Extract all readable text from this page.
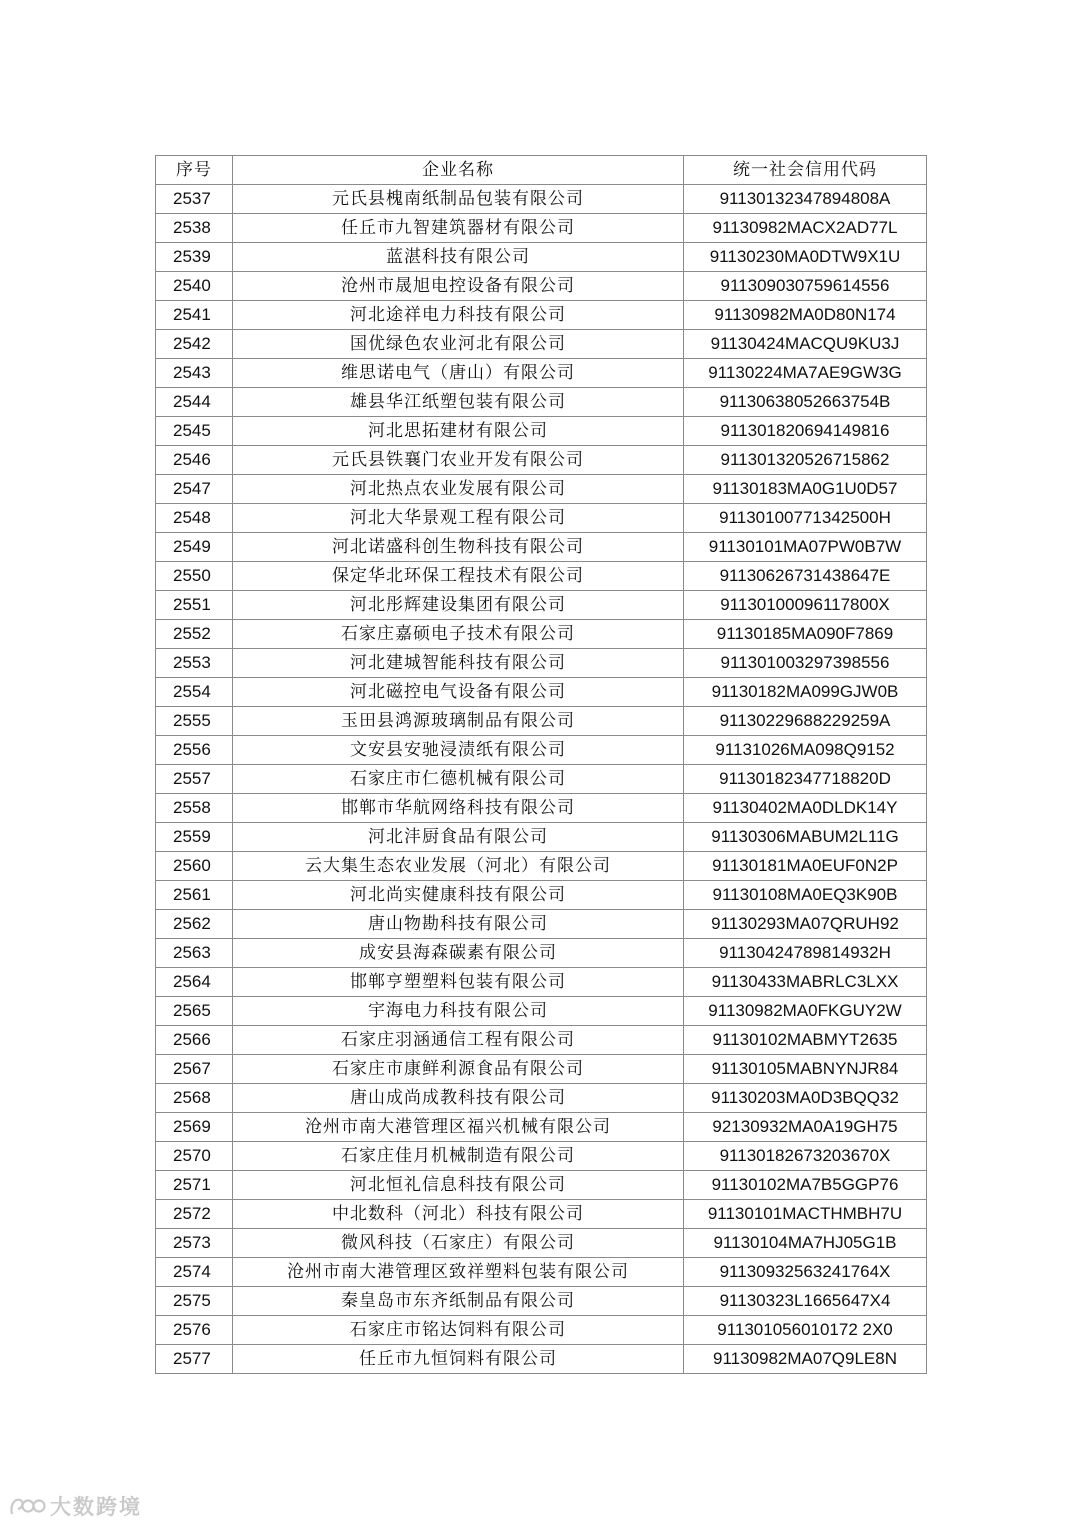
序号	企业名称	统一社会信用代码
2537	元氏县槐南纸制品包装有限公司	91130132347894808A
2538	任丘市九智建筑器材有限公司	91130982MACX2AD77L
2539	蓝湛科技有限公司	91130230MA0DTW9X1U
2540	沧州市晟旭电控设备有限公司	911309030759614556
2541	河北途祥电力科技有限公司	91130982MA0D80N174
2542	国优绿色农业河北有限公司	91130424MACQU9KU3J
2543	维思诺电气（唐山）有限公司	91130224MA7AE9GW3G
2544	雄县华江纸塑包装有限公司	91130638052663754B
2545	河北思拓建材有限公司	911301820694149816
2546	元氏县铁襄门农业开发有限公司	911301320526715862
2547	河北热点农业发展有限公司	91130183MA0G1U0D57
2548	河北大华景观工程有限公司	91130100771342500H
2549	河北诺盛科创生物科技有限公司	91130101MA07PW0B7W
2550	保定华北环保工程技术有限公司	91130626731438647E
2551	河北彤辉建设集团有限公司	91130100096117800X
2552	石家庄嘉硕电子技术有限公司	91130185MA090F7869
2553	河北建城智能科技有限公司	911301003297398556
2554	河北磁控电气设备有限公司	91130182MA099GJW0B
2555	玉田县鸿源玻璃制品有限公司	91130229688229259A
2556	文安县安驰浸渍纸有限公司	91131026MA098Q9152
2557	石家庄市仁德机械有限公司	91130182347718820D
2558	邯郸市华航网络科技有限公司	91130402MA0DLDK14Y
2559	河北沣厨食品有限公司	91130306MABUM2L11G
2560	云大集生态农业发展（河北）有限公司	91130181MA0EUF0N2P
2561	河北尚实健康科技有限公司	91130108MA0EQ3K90B
2562	唐山物勘科技有限公司	91130293MA07QRUH92
2563	成安县海森碳素有限公司	91130424789814932H
2564	邯郸亨塑塑料包装有限公司	91130433MABRLC3LXX
2565	宇海电力科技有限公司	91130982MA0FKGUY2W
2566	石家庄羽涵通信工程有限公司	91130102MABMYT2635
2567	石家庄市康鲜利源食品有限公司	91130105MABNYNJR84
2568	唐山成尚成教科技有限公司	91130203MA0D3BQQ32
2569	沧州市南大港管理区福兴机械有限公司	92130932MA0A19GH75
2570	石家庄佳月机械制造有限公司	91130182673203670X
2571	河北恒礼信息科技有限公司	91130102MA7B5GGP76
2572	中北数科（河北）科技有限公司	91130101MACTHMBH7U
2573	微风科技（石家庄）有限公司	91130104MA7HJ05G1B
2574	沧州市南大港管理区致祥塑料包装有限公司	91130932563241764X
2575	秦皇岛市东齐纸制品有限公司	91130323L1665647X4
2576	石家庄市铭达饲料有限公司	911301056010172 2X0
2577	任丘市九恒饲料有限公司	91130982MA07Q9LE8N
大数跨境
